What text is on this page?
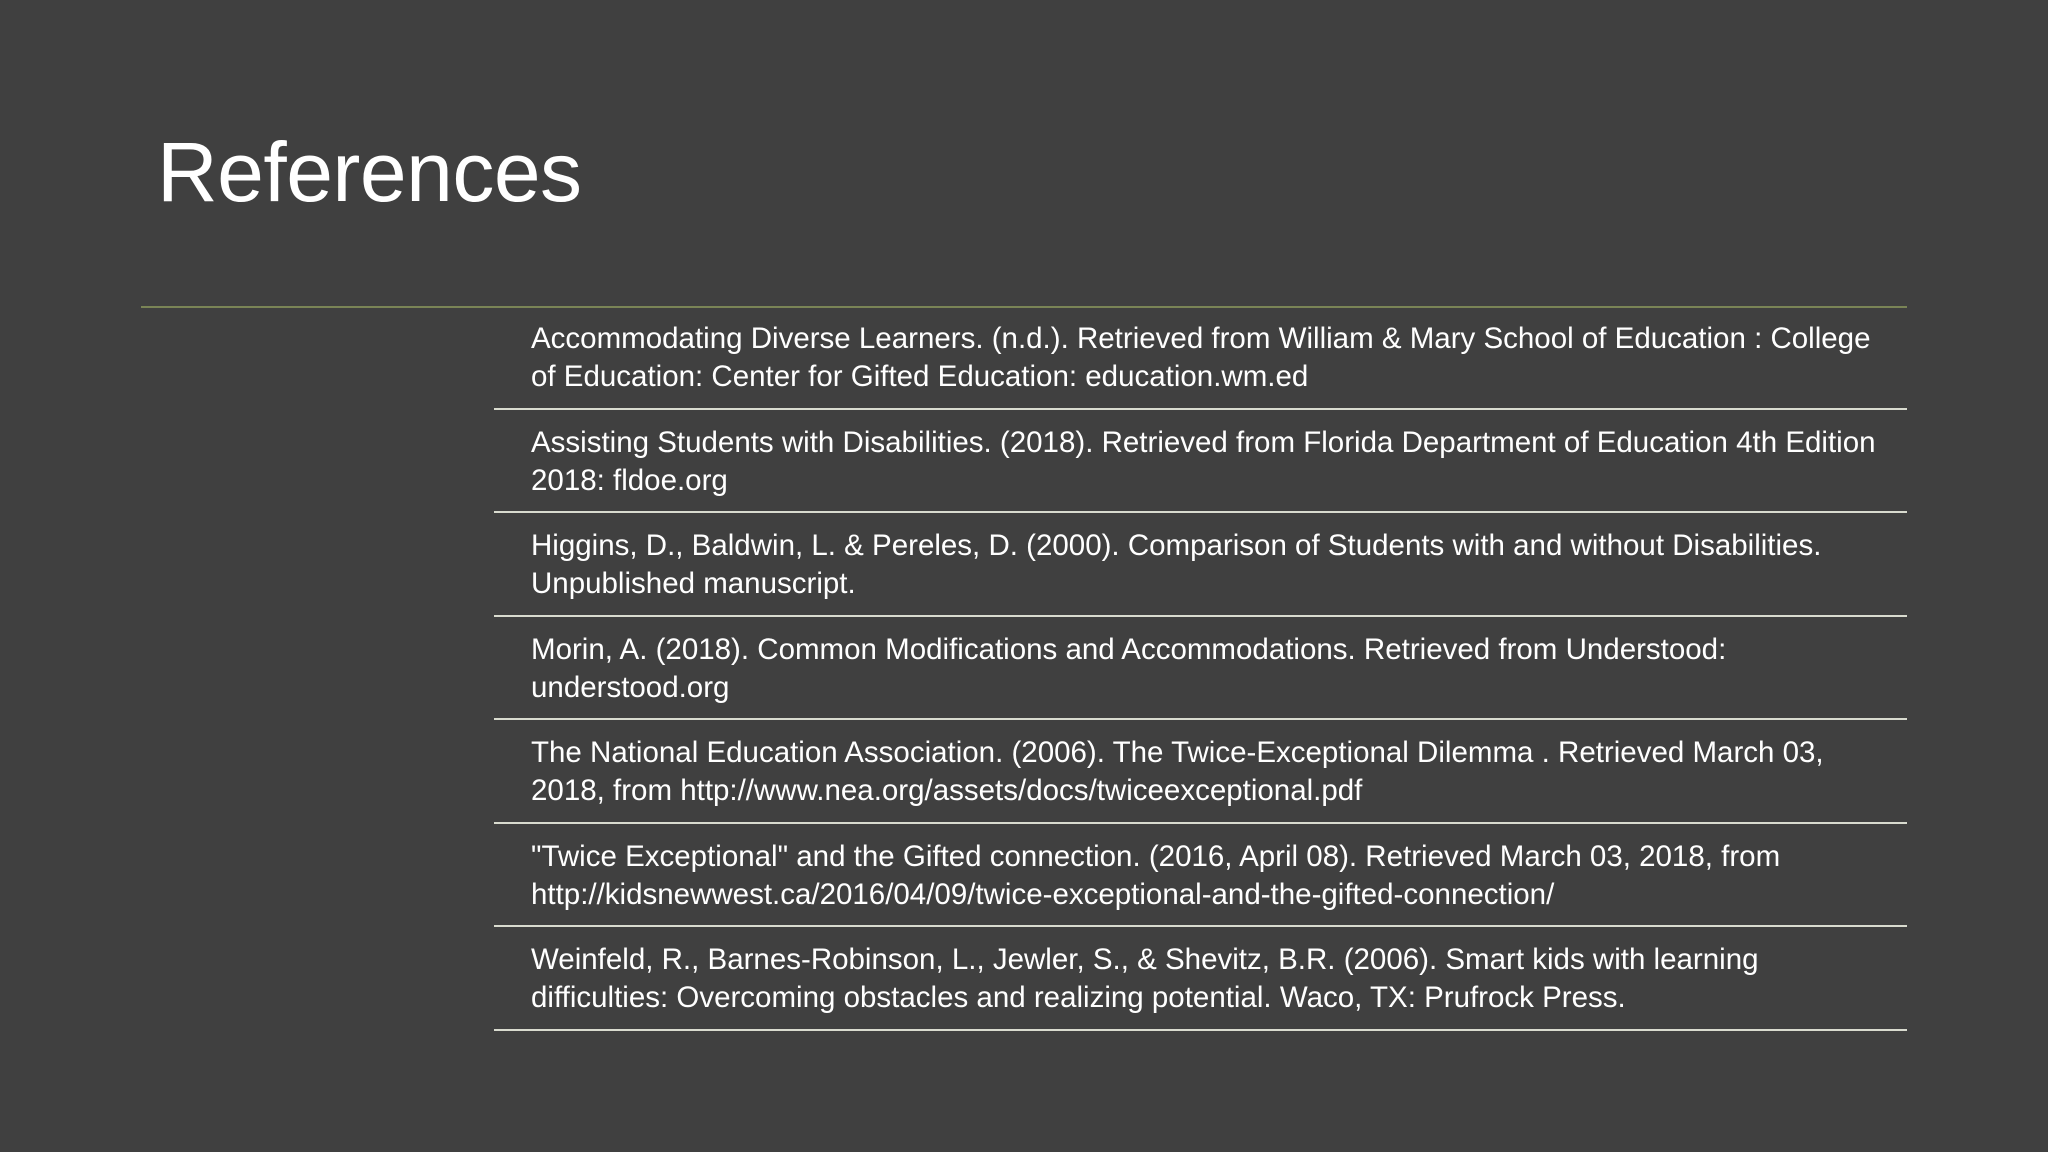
References
Accommodating Diverse Learners. (n.d.). Retrieved from William & Mary School of Education : College of Education: Center for Gifted Education: education.wm.ed
Assisting Students with Disabilities. (2018). Retrieved from Florida Department of Education 4th Edition 2018: fldoe.org
Higgins, D., Baldwin, L. & Pereles, D. (2000). Comparison of Students with and without Disabilities. Unpublished manuscript.
Morin, A. (2018). Common Modifications and Accommodations. Retrieved from Understood: understood.org
The National Education Association. (2006). The Twice-Exceptional Dilemma . Retrieved March 03, 2018, from http://www.nea.org/assets/docs/twiceexceptional.pdf
"Twice Exceptional" and the Gifted connection. (2016, April 08). Retrieved March 03, 2018, from http://kidsnewwest.ca/2016/04/09/twice-exceptional-and-the-gifted-connection/
Weinfeld, R., Barnes-Robinson, L., Jewler, S., & Shevitz, B.R. (2006). Smart kids with learning difficulties: Overcoming obstacles and realizing potential. Waco, TX: Prufrock Press.
